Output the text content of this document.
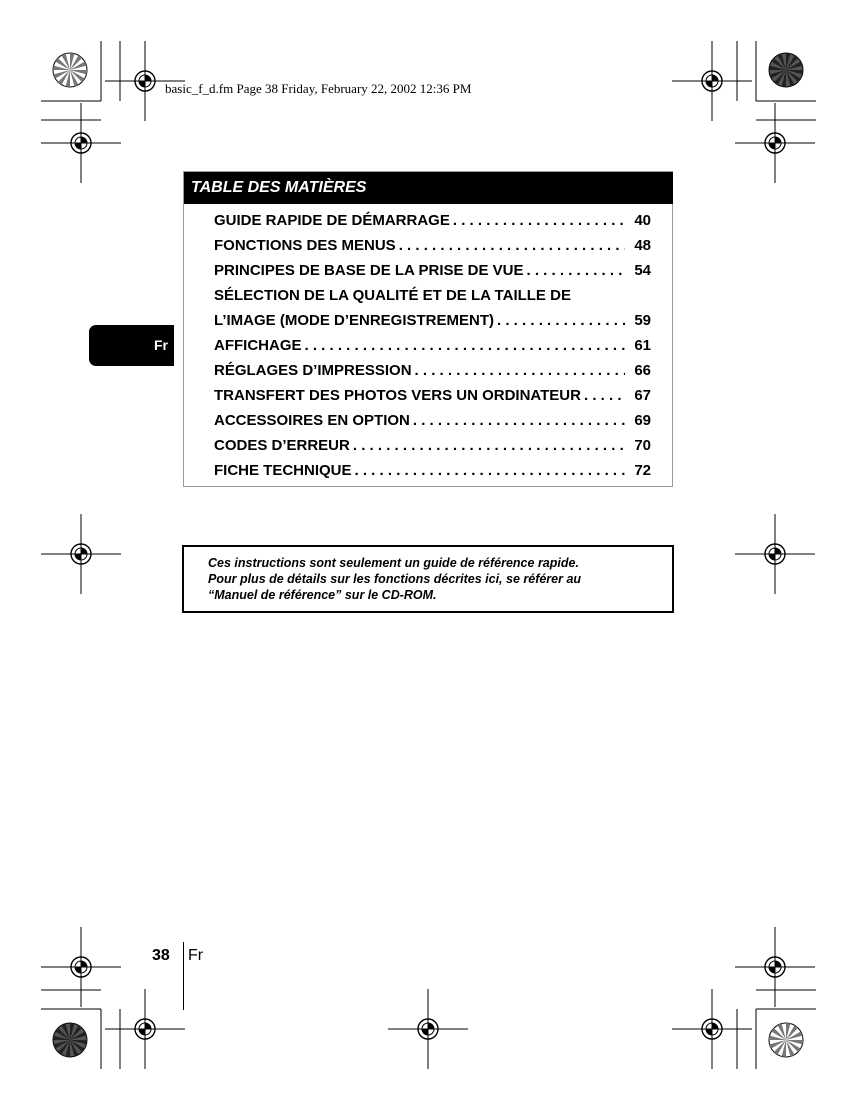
basic_f_d.fm Page 38 Friday, February 22, 2002 12:36 PM
Fr
TABLE DES MATIÈRES
GUIDE RAPIDE DE DÉMARRAGE . . .	40
FONCTIONS DES MENUS . . .	48
PRINCIPES DE BASE DE LA PRISE DE VUE . . .	54
SÉLECTION DE LA QUALITÉ ET DE LA TAILLE DE
L’IMAGE (MODE D’ENREGISTREMENT) . . .	59
AFFICHAGE . . .	61
RÉGLAGES D’IMPRESSION . . .	66
TRANSFERT DES PHOTOS VERS UN ORDINATEUR . . .	67
ACCESSOIRES EN OPTION . . .	69
CODES D’ERREUR . . .	70
FICHE TECHNIQUE . . .	72
Ces instructions sont seulement un guide de référence rapide.
Pour plus de détails sur les fonctions décrites ici, se référer au
“Manuel de référence” sur le CD-ROM.
38 Fr
